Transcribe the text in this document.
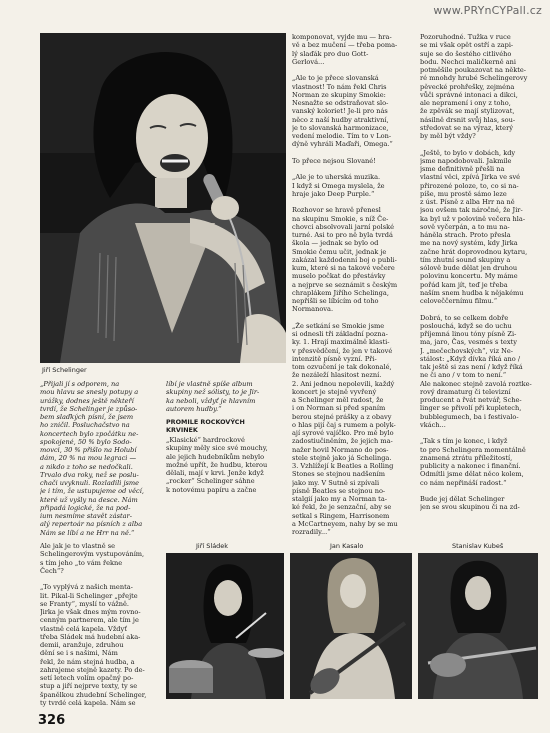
www.PRYnCYPall.cz
Jiří Schelinger
„Přijali jí s odporem, na
mou hlavu se snesly potupy a
urážky, dodnes ještě někteří
tvrdí, že Schelinger je způso-
bem slaďkých písní, že jsem
ho zničil. Posluchačstvo na
koncertech bylo zpočátku ne-
spokojené, 50 % bylo Sodo-
movci, 30 % přišlo na Holubí
dám, 20 % na mou legraci —
a nikdo z toho se nedočkali.
Trvalo dva roky, než se poslu-
chači uvyknuli. Rozladili jsme
je i tím, že ustupujeme od věcí,
které už vyšly na desce. Nám
připadá logické, že na pod-
ium nesmíme stavět zástar-
alý repertoár na písních z alba
Nám se líbí a ne Hrr na ně.“
Ale jak je to vlastně se
Schelingerovým vystupováním,
s tím jeho „to vám řekne
Čech“?

„To vyplývá z našich menta-
lit. Pikal-li Schelinger „přejte
se Franty“, myslí to vážně.
Jirka je však dnes mým rovno-
cenným partnerem, ale tím je
vlastně celá kapela. Vždyť
třeba Sládek má hudební aka-
demii, aranžuje, zdruhou
dění se i s našimi, Nám
řekl, že nám stejná hudba, a
zahrajeme stejně kazety. Po de-
setí letech volím opačný po-
stup a jiří nejprve texty, ty se
španělkou zhudební Schelinger,
ty tvrdé celá kapela. Nám se
líbí je vlastně spíše album
skupiny než sólisty, to je Jir-
ka neboli, vždyť je hlavním
autorem hudby.“
PROMILE ROCKOVÝCH
KRVINEK
„Klasické“ hardrockové
skupiny měly sice své mouchy,
ale jejich hudebníkům nebylo
možné upřít, že hudbu, kterou
dělali, mají v krvi. Jenže když
„rocker“ Schelinger sáhne
k notovému papíru a začne
komponovat, vyjde mu — hra-
vě a bez mučení — třeba poma-
lý slaďák pro duo Gott-
Gerlová...

„Ale to je přece slovanská
vlastnost! To nám řekl Chris
Norman ze skupiny Smokie:
Nesnažte se odstraňovat slo-
vanský koloriet! Je-li pro nás
něco z naší hudby atraktivní,
je to slovanská harmonizace,
vedení melodie. Tím to v Lon-
dýně vyhráli Maďaři, Omega.“

To přece nejsou Slované!

„Ale je to uherská muzika.
I když si Omega myslela, že
hraje jako Deep Purple.“

Rozhovor se hravě přenesl
na skupinu Smokie, s níž Če-
chovci absolvovali jarní polské
turné. Asi to pro ně byla tvrdá
škola — jednak se bylo od
Smokie čemu učit, jednak je
zakázal každodenní boj o publi-
kum, které si na takové večere
muselo počkat do přestávky
a nejprve se seznámit s českým
chraplákem Jiřího Schelinga,
nepřišli se líbícím od toho
Normanova.

„Že setkání se Smokie jsme
si odnesli tři základní pozna-
ky. 1. Hrají maximálně klasti-
v přesvědčení, že jen v takové
intenzitě písně vyzní. Při-
tom ozvučení je tak dokonalé,
že nezáleží hlasitost nezní.
2. Ani jednou nepolevili, každý
koncert je stejně vyvřený
a Schelinger měl radost, že
i on Norman si před spaním
berou stejné prášky a z obavy
o hlas pijí čaj s rumem a polyk-
ají syrové vajíčko. Pro mě bylo
zadostiučiněním, že jejich ma-
nažer hovil Normano do pos-
stele stejně jako já Schelinga.
3. Vzhlížejí k Beatles a Rolling
Stones se stejnou nadšením
jako my. V Sutně si zpívali
písně Beatles se stejnou no-
stalgií jako my a Norman ta-
ké řekl, že je senzační, aby se
setkal s Ringem, Harrisonem
a McCartneyem, nahy by se mu
rozradily...“
Pozoruhodné. Tužka v ruce
se mi však opět ostří a zapi-
suje se do šestého citlivého
bodu. Nechci maličkerně ani
potměšile poukazovat na někte-
ré mnohdy hrubé Schelingerovy
pěvecké prohřešky, zejména
vůči správné intonaci a dikci,
ale nepramení i ony z toho,
že zpěvák se mají stylizovat,
násilně drsnit svůj hlas, sou-
středovat se na výraz, který
by měl být vždy?

„Ještě, to bylo v dobách, kdy
jsme napodobovali. Jakmile
jsme definitivně přešli na
vlastní věci, zpívá Jirka ve své
přirozené poloze, to, co si na-
píše, mu prostě sámo leze
z úst. Písně z alba Hrr na ně
jsou ovšem tak náročné, že Jir-
ka byl už v polovině večera hla-
sově vyčerpán, a to mu na-
háněla strach. Proto přesla
me na nový systém, kdy Jirka
začne hrát doprovodnou kytaru,
tím zhutní sound skupiny a
sólově bude dělat jen druhou
polovinu koncertu. My máme
pořád kam jít, teď je třeba
naším snem hudba k nějakému
celoveččernímu filmu.“

Dobrá, to se celkem dobře
poslouchá, když se do uchu
příjemná linou tóny písně Zi-
ma, jaro, Čas, vesmés s texty
J. „mečechovských“, viz Ne-
stálost: „Když dívka říká ano /
tak ještě si zas není / když říká
ne či ano / v tom to není.“
Ale nakonec stejně zavolá roztke-
rový dramaturg či televizní
producent a řvát netvář, Sche-
linger se přivolí při kupletech,
bubblegumech, ba i festivalo-
vkách...

„Tak s tím je konec, i když
to pro Schelingera momentálně
znamená ztrátu příležitostí,
publicity a nakonec i finanční.
Odmítli jsme dělat něco kolem,
co nám nepřináší radost.“

Bude jej dělat Schelinger
jen se svou skupinou či na zd-
Jiří Sládek	Jan Kasalo	Stanislav Kubeš
326
